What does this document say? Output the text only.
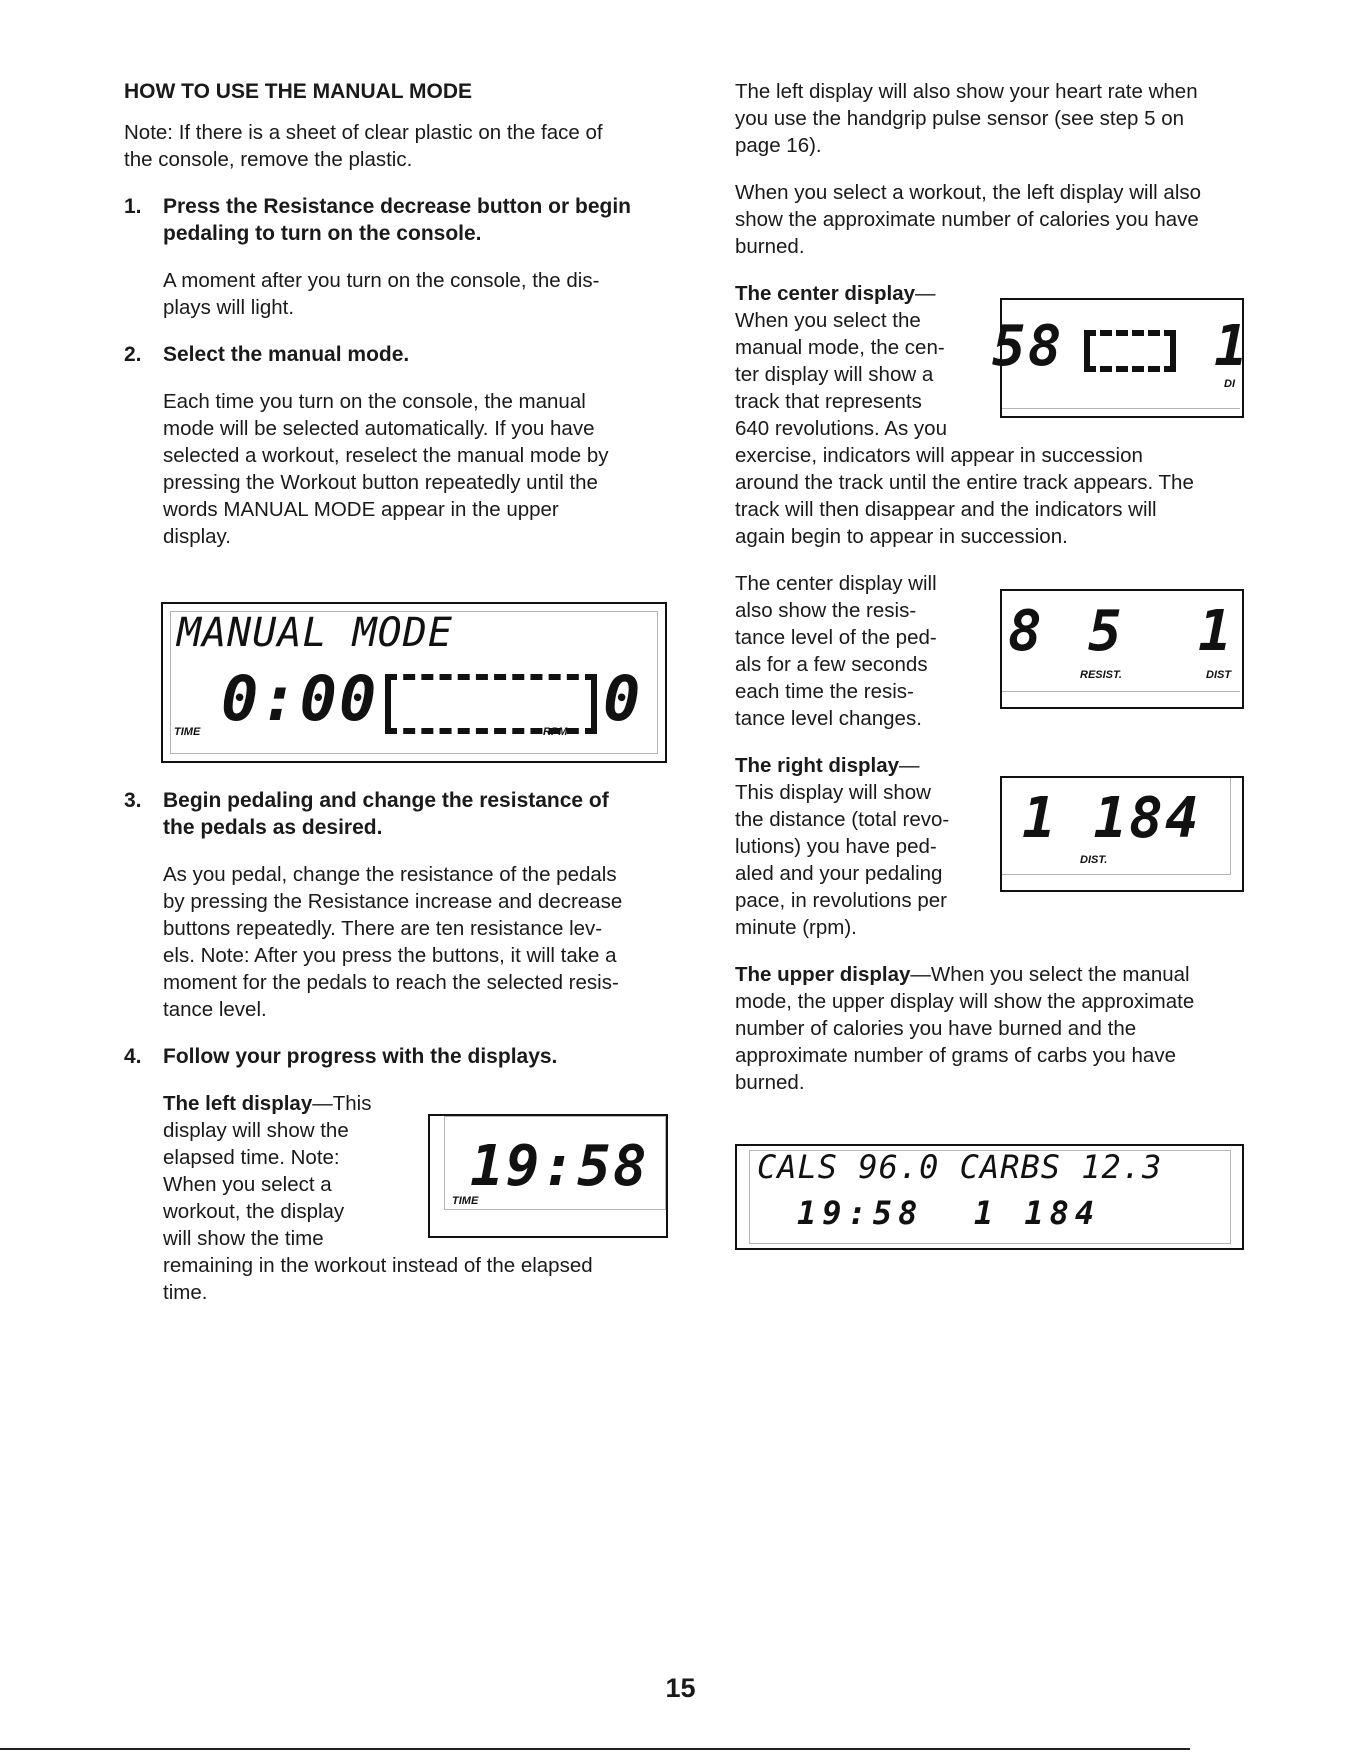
HOW TO USE THE MANUAL MODE

Note: If there is a sheet of clear plastic on the face of

the console, remove the plastic.

1. Press the Resistance decrease button or begin
pedaling to turn on the console.

A moment after you turn on the console, the dis-

plays will light.

2. Select the manual mode.

Each time you turn on the console, the manual

mode will be selected automatically. If you have

selected a workout, reselect the manual mode by

pressing the Workout button repeatedly until the

words MANUAL MODE appear in the upper

display.

MANUAL MODE
0:00	0
TIME	RPM
3. Begin pedaling and change the resistance of
the pedals as desired.

As you pedal, change the resistance of the pedals

by pressing the Resistance increase and decrease

buttons repeatedly. There are ten resistance lev-

els. Note: After you press the buttons, it will take a

moment for the pedals to reach the selected resis-

tance level.

4. Follow your progress with the displays.

The left display—This

display will show the

elapsed time. Note:

When you select a

workout, the display

will show the time

remaining in the workout instead of the elapsed

time.

19:58
TIME

The left display will also show your heart rate when

you use the handgrip pulse sensor (see step 5 on

page 16).

When you select a workout, the left display will also

show the approximate number of calories you have

burned.

The center display—

When you select the

manual mode, the cen-

ter display will show a

track that represents

640 revolutions. As you

exercise, indicators will appear in succession

around the track until the entire track appears. The

track will then disappear and the indicators will

again begin to appear in succession.

The center display will

also show the resis-

tance level of the ped-

als for a few seconds

each time the resis-

tance level changes.

The right display—

This display will show

the distance (total revo-

lutions) you have ped-

aled and your pedaling

pace, in revolutions per

minute (rpm).

The upper display—When you select the manual

mode, the upper display will show the approximate

number of calories you have burned and the

approximate number of grams of carbs you have

burned.

58	1
DI
8 5 1
RESIST.	DIST
1 184
DIST.
CALS 96.0 CARBS 12.3
19:58  1 184
15
